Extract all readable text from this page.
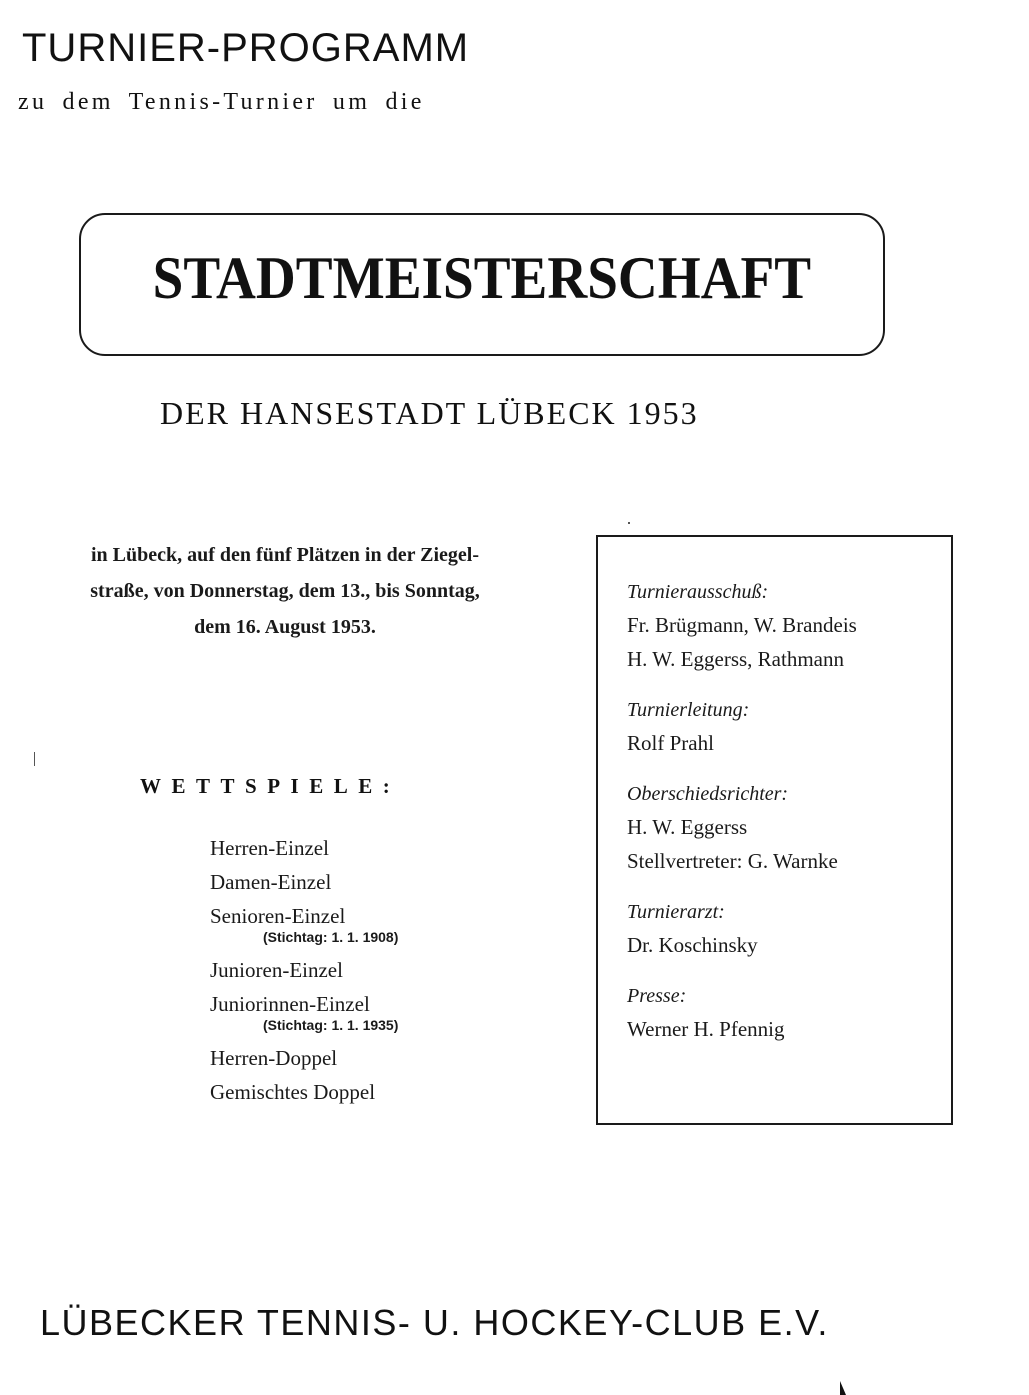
TURNIER-PROGRAMM
zu dem Tennis-Turnier um die
STADTMEISTERSCHAFT
DER HANSESTADT LÜBECK 1953
in Lübeck, auf den fünf Plätzen in der Ziegel-
straße, von Donnerstag, dem 13., bis Sonntag,
dem 16. August 1953.
WETTSPIELE:
Herren-Einzel
Damen-Einzel
Senioren-Einzel
(Stichtag: 1. 1. 1908)
Junioren-Einzel
Juniorinnen-Einzel
(Stichtag: 1. 1. 1935)
Herren-Doppel
Gemischtes Doppel
Turnierausschuß:
Fr. Brügmann, W. Brandeis
H. W. Eggerss, Rathmann
Turnierleitung:
Rolf Prahl
Oberschiedsrichter:
H. W. Eggerss
Stellvertreter: G. Warnke
Turnierarzt:
Dr. Koschinsky
Presse:
Werner H. Pfennig
LÜBECKER TENNIS- U. HOCKEY-CLUB E.V.
